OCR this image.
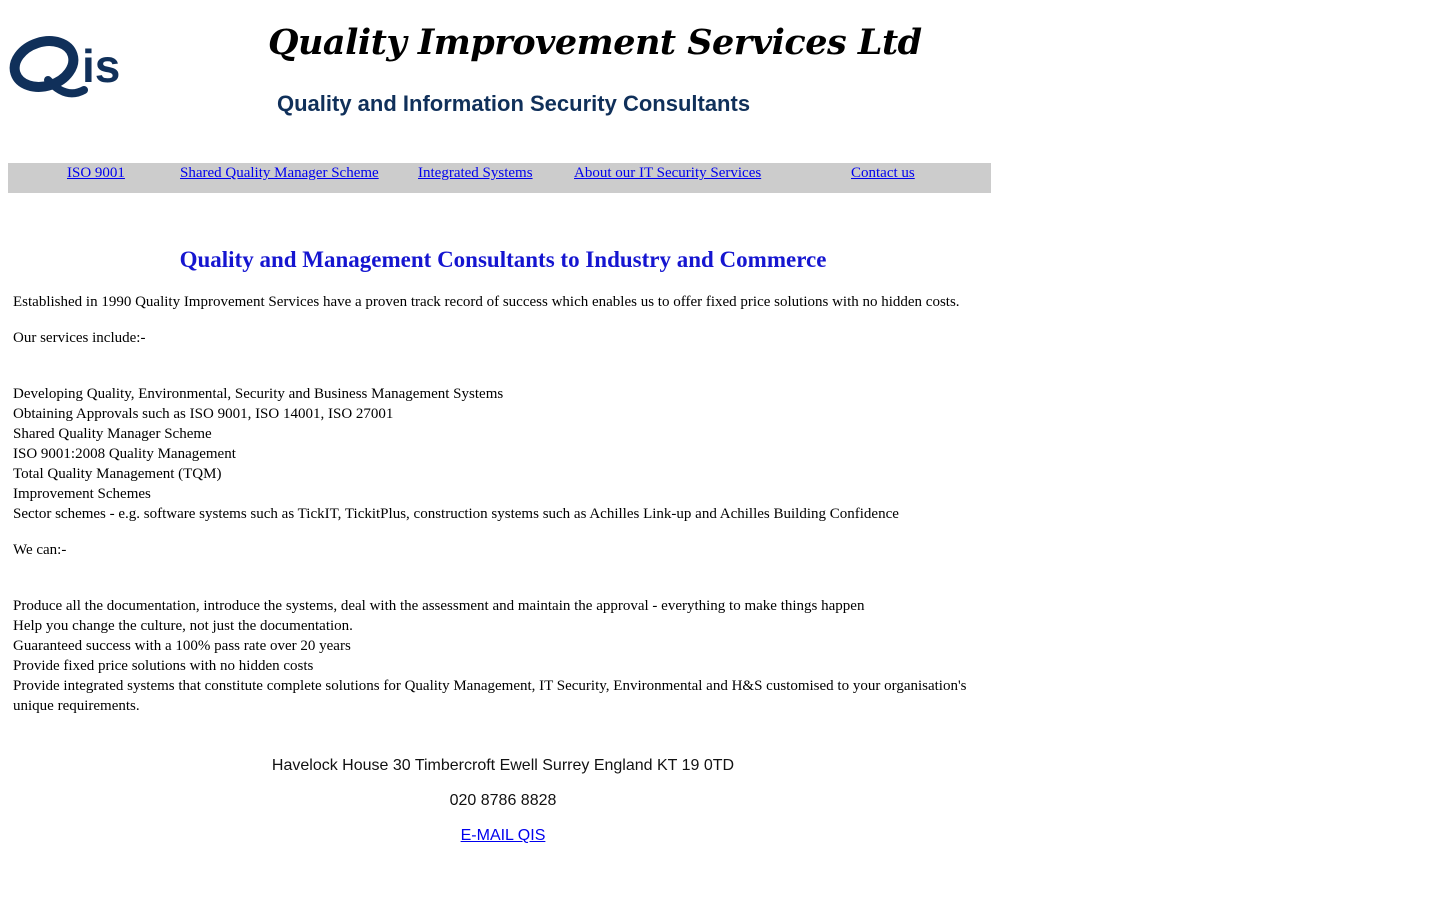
is	Quality Improvement Services Ltd
Quality and Information Security Consultants
ISO 9001	Shared Quality Manager Scheme	Integrated Systems	About our IT Security Services	Contact us
Quality and Management Consultants to Industry and Commerce

Established in 1990 Quality Improvement Services have a proven track record of success which enables us to offer fixed price solutions with no hidden costs.

Our services include:-

Developing Quality, Environmental, Security and Business Management Systems
Obtaining Approvals such as ISO 9001, ISO 14001, ISO 27001
Shared Quality Manager Scheme
ISO 9001:2008 Quality Management
Total Quality Management (TQM)
Improvement Schemes
Sector schemes - e.g. software systems such as TickIT, TickitPlus, construction systems such as Achilles Link-up and Achilles Building Confidence

We can:-

Produce all the documentation, introduce the systems, deal with the assessment and maintain the approval - everything to make things happen
Help you change the culture, not just the documentation.
Guaranteed success with a 100% pass rate over 20 years
Provide fixed price solutions with no hidden costs
Provide integrated systems that constitute complete solutions for Quality Management, IT Security, Environmental and H&S customised to your organisation's unique requirements.
Havelock House 30 Timbercroft Ewell Surrey England KT 19 0TD
020 8786 8828
E-MAIL QIS
